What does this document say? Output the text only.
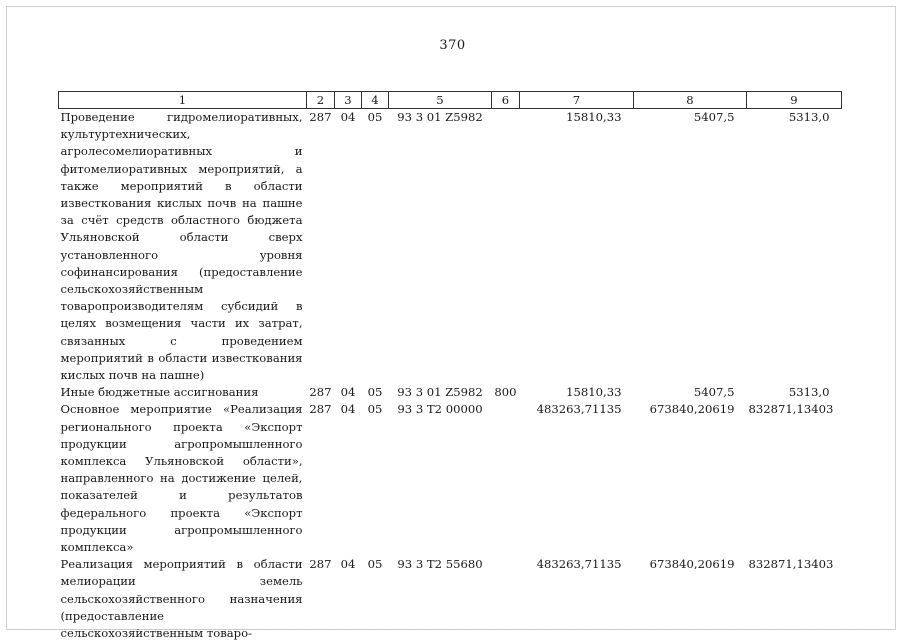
370
1	2	3	4	5	6	7	8	9
Проведение гидромелиоративных, культуртехнических, агролесомелиоративных и фитомелиоративных мероприятий, а также мероприятий в области известкования кислых почв на пашне за счёт средств областного бюджета Ульяновской области сверх установленного уровня софинансирования (предоставление сельскохозяйственным товаропроизводителям субсидий в целях возмещения части их затрат, связанных с проведением мероприятий в области известкования кислых почв на пашне)	287	04	05	93 3 01 Z5982		15810,33	5407,5	5313,0
Иные бюджетные ассигнования	287	04	05	93 3 01 Z5982	800	15810,33	5407,5	5313,0
Основное мероприятие «Реализация регионального проекта «Экспорт продукции агропромышленного комплекса Ульяновской области», направленного на достижение целей, показателей и результатов федерального проекта «Экспорт продукции агропромышленного комплекса»	287	04	05	93 3 T2 00000		483263,71135	673840,20619	832871,13403
Реализация мероприятий в области мелиорации земель сельскохозяйственного назначения (предоставление сельскохозяйственным товаро-	287	04	05	93 3 T2 55680		483263,71135	673840,20619	832871,13403
